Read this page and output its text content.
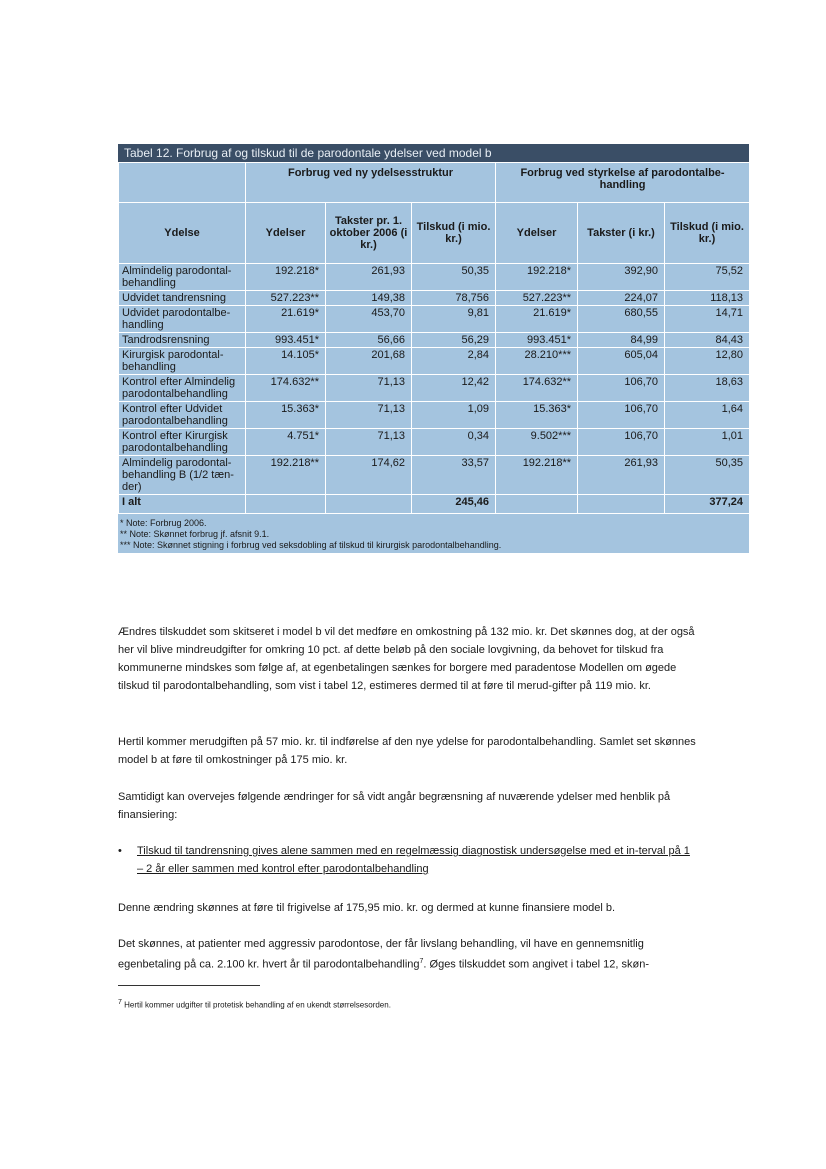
Tabel 12. Forbrug af og tilskud til de parodontale ydelser ved model b
	Forbrug ved ny ydelsesstruktur			Forbrug ved styrkelse af parodontalbe-handling		
Ydelse	Ydelser	Takster pr. 1. oktober 2006 (i kr.)	Tilskud (i mio. kr.)	Ydelser	Takster (i kr.)	Tilskud (i mio. kr.)
Almindelig parodontal-behandling	192.218*	261,93	50,35	192.218*	392,90	75,52
Udvidet tandrensning	527.223**	149,38	78,756	527.223**	224,07	118,13
Udvidet parodontalbe-handling	21.619*	453,70	9,81	21.619*	680,55	14,71
Tandrodsrensning	993.451*	56,66	56,29	993.451*	84,99	84,43
Kirurgisk parodontal-behandling	14.105*	201,68	2,84	28.210***	605,04	12,80
Kontrol efter Almindelig parodontalbehandling	174.632**	71,13	12,42	174.632**	106,70	18,63
Kontrol efter Udvidet parodontalbehandling	15.363*	71,13	1,09	15.363*	106,70	1,64
Kontrol efter Kirurgisk parodontalbehandling	4.751*	71,13	0,34	9.502***	106,70	1,01
Almindelig parodontal-behandling B (1/2 tæn-der)	192.218**	174,62	33,57	192.218**	261,93	50,35
I alt			245,46			377,24
* Note: Forbrug 2006.
** Note: Skønnet forbrug jf. afsnit 9.1.
*** Note: Skønnet stigning i forbrug ved seksdobling af tilskud til kirurgisk parodontalbehandling.

Ændres tilskuddet som skitseret i model b vil det medføre en omkostning på 132 mio. kr. Det skønnes dog, at der også her vil blive mindreudgifter for omkring 10 pct. af dette beløb på den sociale lovgivning, da behovet for tilskud fra kommunerne mindskes som følge af, at egenbetalingen sænkes for borgere med paradentose Modellen om øgede tilskud til parodontalbehandling, som vist i tabel 12, estimeres dermed til at føre til merud-gifter på 119 mio. kr.

Hertil kommer merudgiften på 57 mio. kr. til indførelse af den nye ydelse for parodontalbehandling. Samlet set skønnes model b at føre til omkostninger på 175 mio. kr.

Samtidigt kan overvejes følgende ændringer for så vidt angår begrænsning af nuværende ydelser med henblik på finansiering:

• Tilskud til tandrensning gives alene sammen med en regelmæssig diagnostisk undersøgelse med et in-terval på 1 – 2 år eller sammen med kontrol efter parodontalbehandling

Denne ændring skønnes at føre til frigivelse af 175,95 mio. kr. og dermed at kunne finansiere model b.

Det skønnes, at patienter med aggressiv parodontose, der får livslang behandling, vil have en gennemsnitlig egenbetaling på ca. 2.100 kr. hvert år til parodontalbehandling$^7$. Øges tilskuddet som angivet i tabel 12, skøn-

$^7$ Hertil kommer udgifter til protetisk behandling af en ukendt størrelsesorden.
